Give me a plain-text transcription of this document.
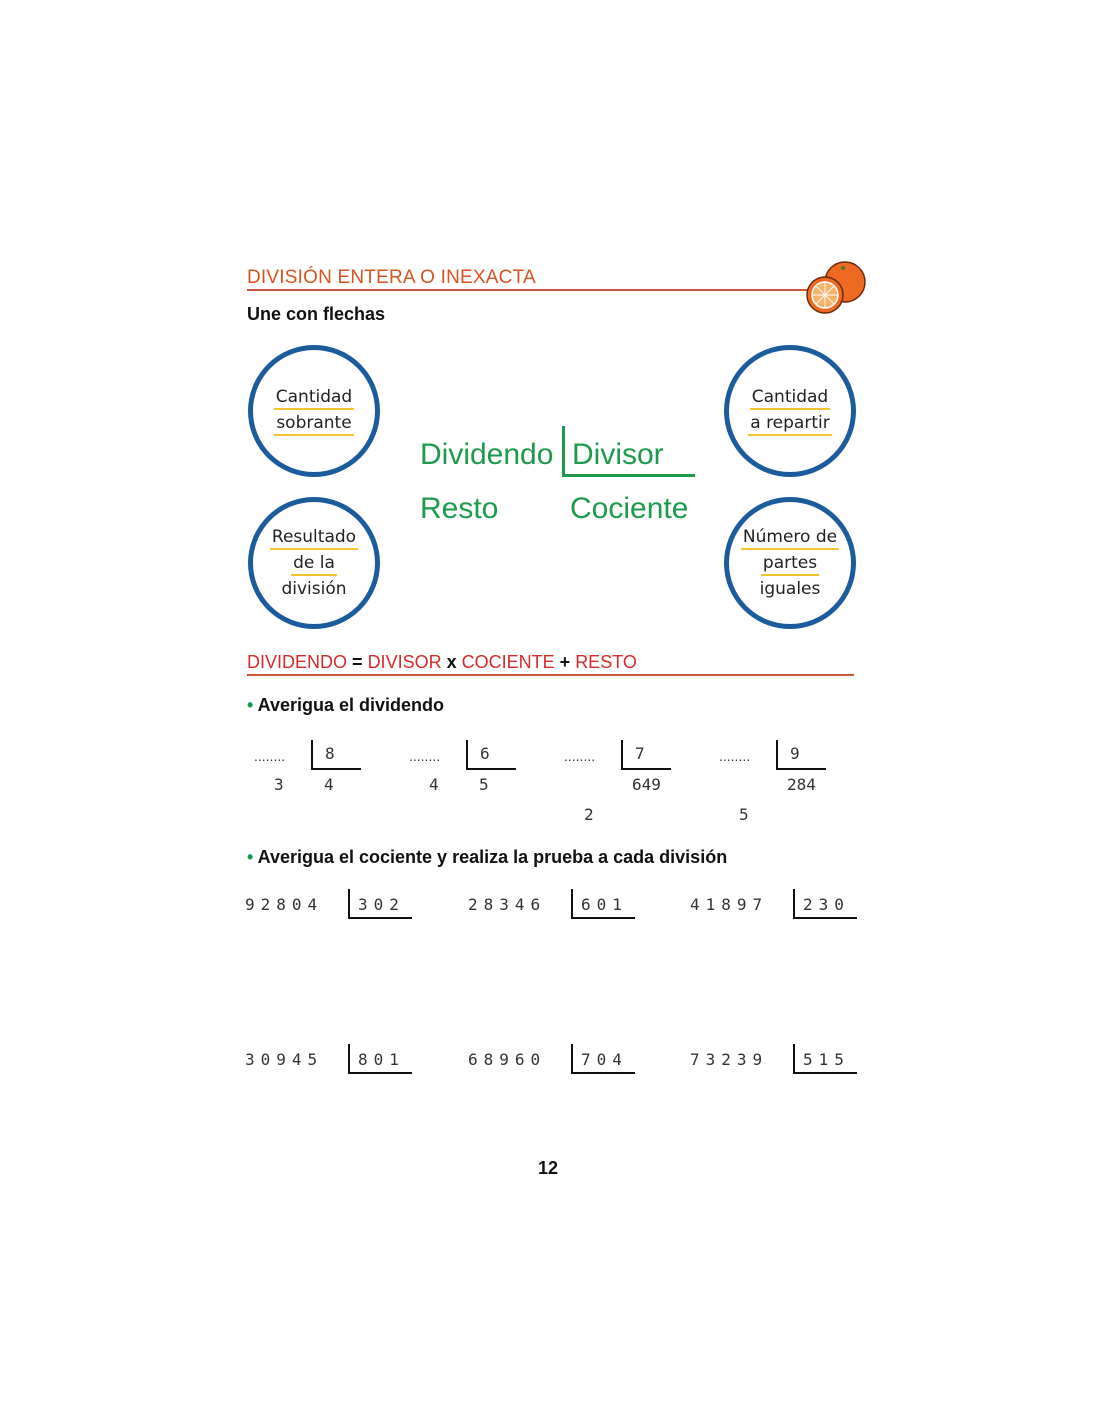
DIVISIÓN ENTERA O INEXACTA
Une con flechas
Cantidad
sobrante
Resultado
de la
división
Cantidad
a repartir
Número de
partes
iguales
Dividendo Divisor
Resto Cociente
DIVIDENDO = DIVISOR x COCIENTE + RESTO
• Averigua el dividendo
• Averigua el cociente y realiza la prueba a cada división
12
........ 8
3	4
........ 6
4	5
........ 7
649
2
........ 9
284
5
92804 302	28346 601	41897 230
30945 801	68960 704	73239 515
